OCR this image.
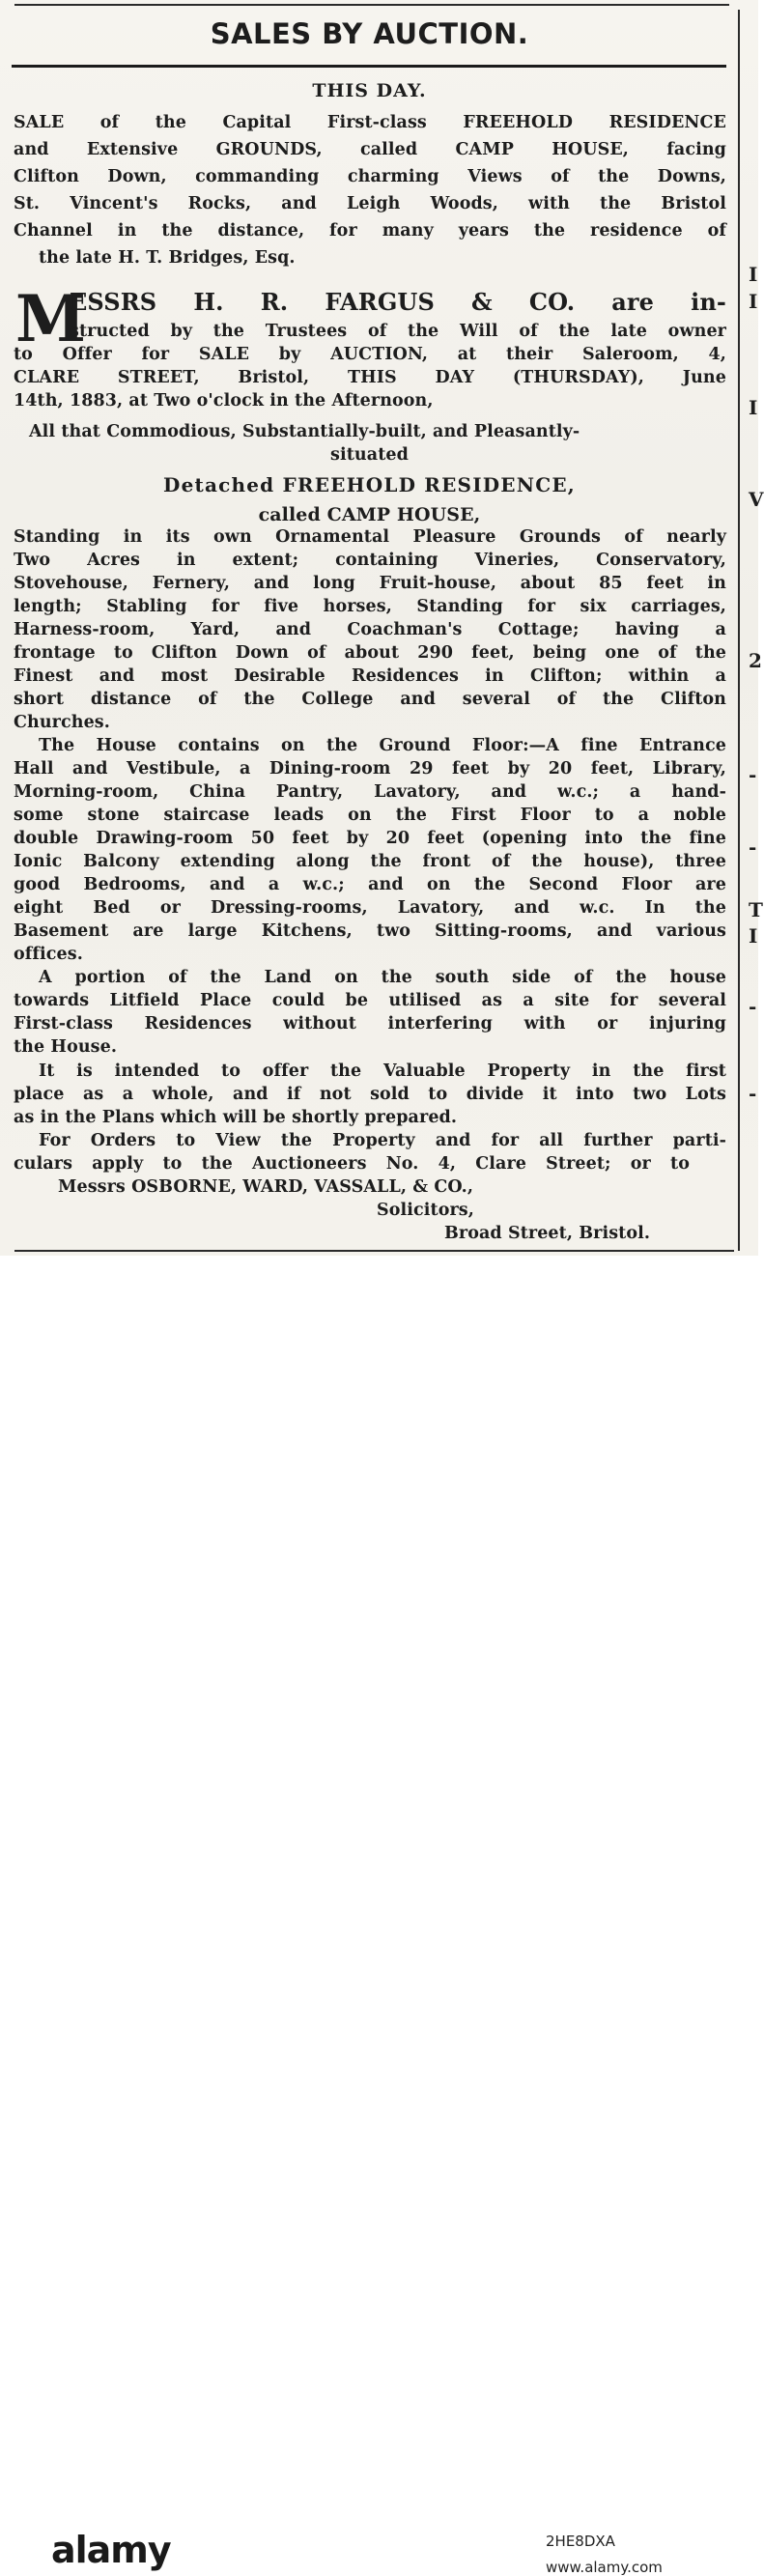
I
I
I
V
2
-
-
T
I
-
-
SALES BY AUCTION.
THIS DAY.
SALE of the Capital First-class FREEHOLD RESIDENCE
and Extensive GROUNDS, called CAMP HOUSE, facing
Clifton Down, commanding charming Views of the Downs,
St. Vincent's Rocks, and Leigh Woods, with the Bristol
Channel in the distance, for many years the residence of
the late H. T. Bridges, Esq.
M
ESSRS H. R. FARGUS & CO. are in-
structed by the Trustees of the Will of the late owner
to Offer for SALE by AUCTION, at their Saleroom, 4,
CLARE STREET, Bristol, THIS DAY (THURSDAY), June
14th, 1883, at Two o'clock in the Afternoon,
All that Commodious, Substantially-built, and Pleasantly-
situated
Detached FREEHOLD RESIDENCE,
called CAMP HOUSE,
Standing in its own Ornamental Pleasure Grounds of nearly
Two Acres in extent; containing Vineries, Conservatory,
Stovehouse, Fernery, and long Fruit-house, about 85 feet in
length; Stabling for five horses, Standing for six carriages,
Harness-room, Yard, and Coachman's Cottage; having a
frontage to Clifton Down of about 290 feet, being one of the
Finest and most Desirable Residences in Clifton; within a
short distance of the College and several of the Clifton
Churches.
The House contains on the Ground Floor:—A fine Entrance
Hall and Vestibule, a Dining-room 29 feet by 20 feet, Library,
Morning-room, China Pantry, Lavatory, and w.c.; a hand-
some stone staircase leads on the First Floor to a noble
double Drawing-room 50 feet by 20 feet (opening into the fine
Ionic Balcony extending along the front of the house), three
good Bedrooms, and a w.c.; and on the Second Floor are
eight Bed or Dressing-rooms, Lavatory, and w.c. In the
Basement are large Kitchens, two Sitting-rooms, and various
offices.
A portion of the Land on the south side of the house
towards Litfield Place could be utilised as a site for several
First-class Residences without interfering with or injuring
the House.
It is intended to offer the Valuable Property in the first
place as a whole, and if not sold to divide it into two Lots
as in the Plans which will be shortly prepared.
For Orders to View the Property and for all further parti-
culars apply to the Auctioneers No. 4, Clare Street; or to
Messrs OSBORNE, WARD, VASSALL, & CO.,
Solicitors,
Broad Street, Bristol.
alamy	2HE8DXA
www.alamy.com
